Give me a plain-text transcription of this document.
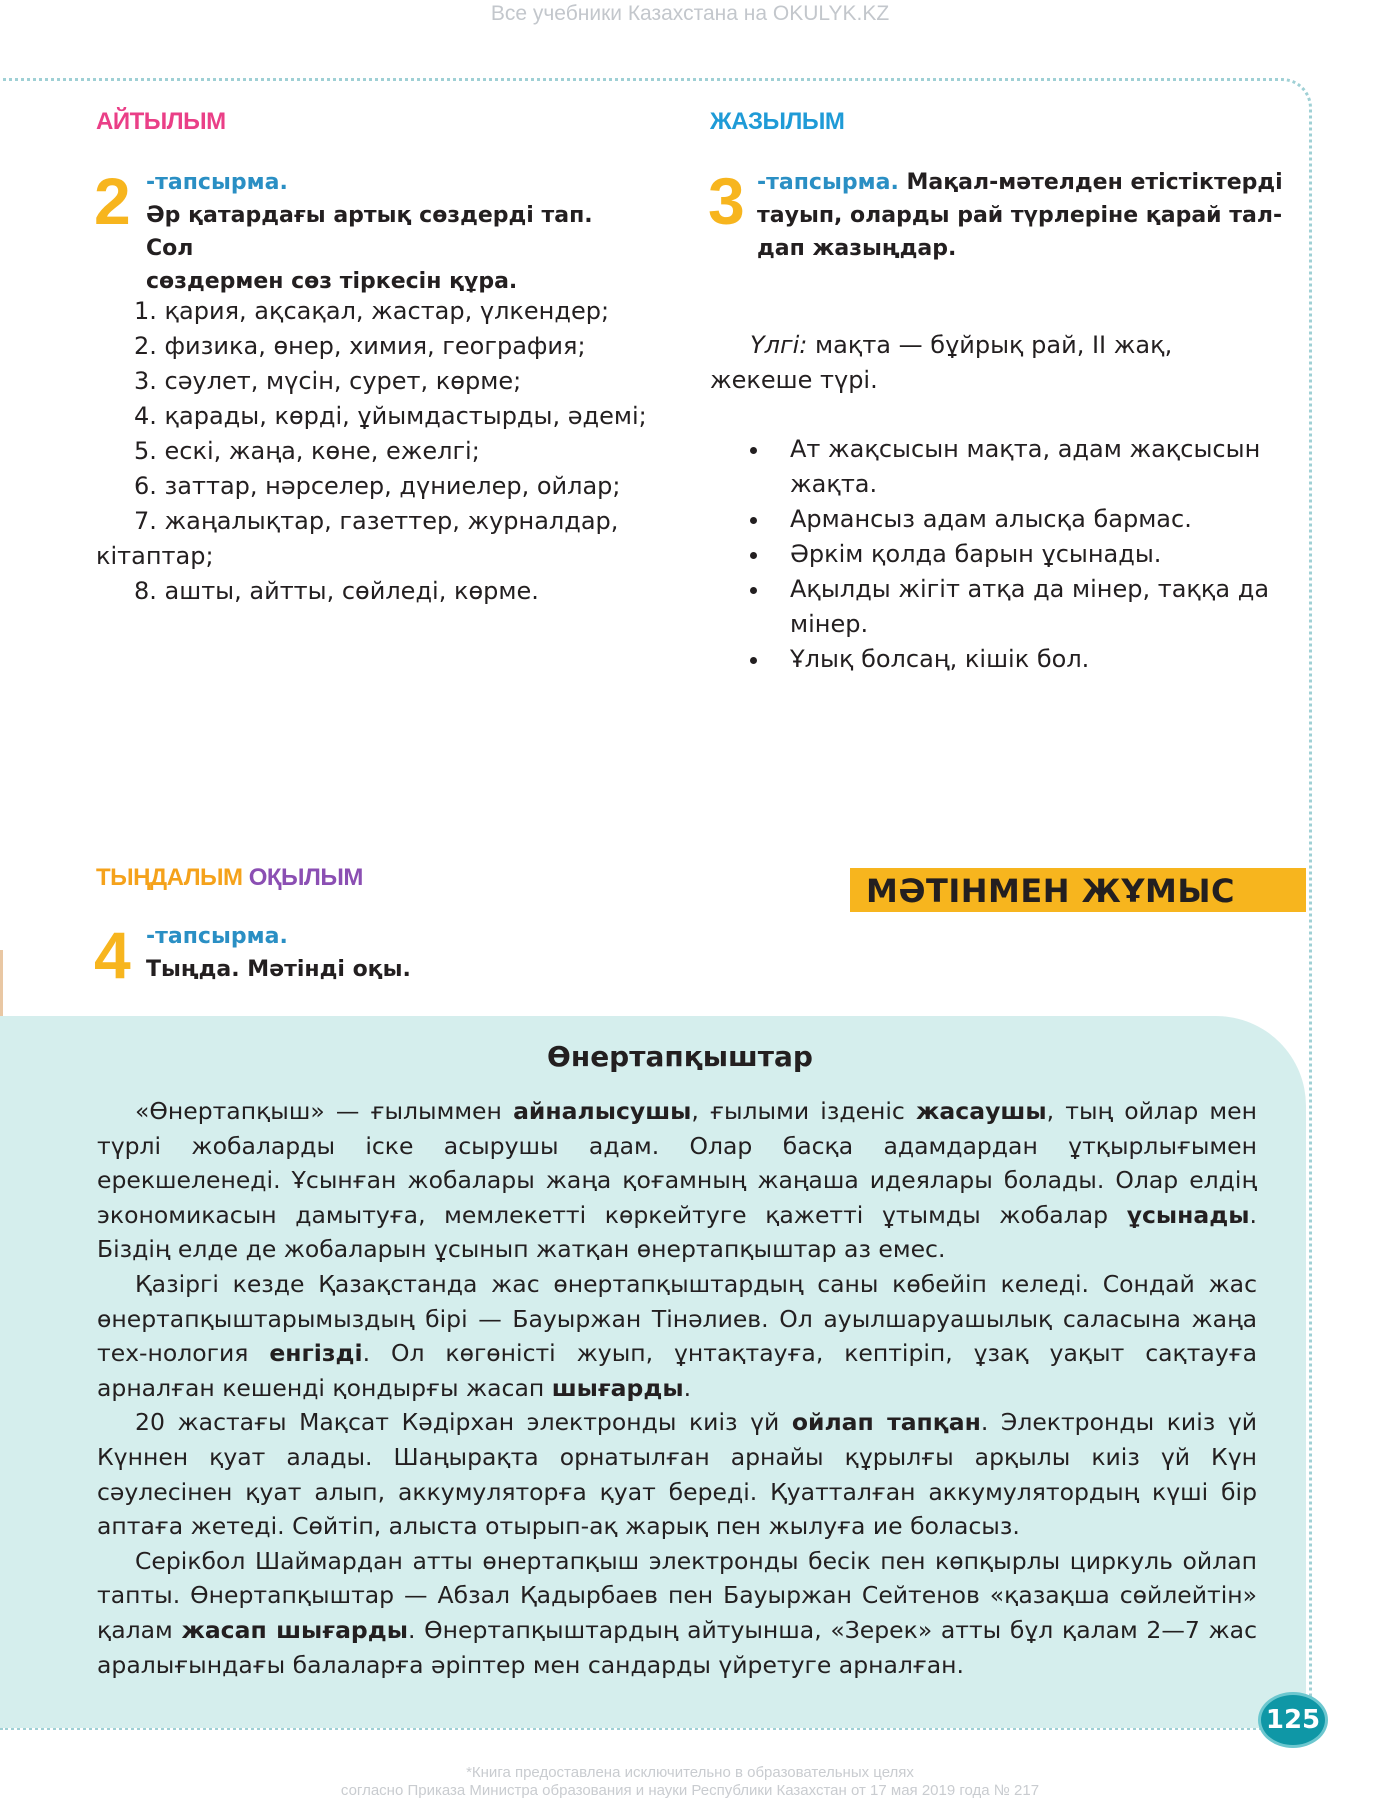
Все учебники Казахстана на OKULYK.KZ
АЙТЫЛЫМ
2 -тапсырма.
Әр қатардағы артық сөздерді тап. Сол
сөздермен сөз тіркесін құра.
1. қария, ақсақал, жастар, үлкендер;
2. физика, өнер, химия, география;
3. сәулет, мүсін, сурет, көрме;
4. қарады, көрді, ұйымдастырды, әдемі;
5. ескі, жаңа, көне, ежелгі;
6. заттар, нәрселер, дүниелер, ойлар;
7. жаңалықтар, газеттер, журналдар,
кітаптар;
8. ашты, айтты, сөйледі, көрме.
ЖАЗЫЛЫМ
3 -тапсырма. Мақал-мәтелден етістіктерді
тауып, оларды рай түрлеріне қарай тал-
дап жазыңдар.
Үлгі: мақта — бұйрық рай, ІІ жақ, жекеше түрі.
Ат жақсысын мақта, адам жақсысын жақта.
Армансыз адам алысқа бармас.
Әркім қолда барын ұсынады.
Ақылды жігіт атқа да мінер, таққа да мінер.
Ұлық болсаң, кішік бол.
ТЫҢДАЛЫМ ОҚЫЛЫМ
4 -тапсырма.
Тыңда. Мәтінді оқы.
МӘТІНМЕН ЖҰМЫС
Өнертапқыштар

«Өнертапқыш» — ғылыммен айналысушы, ғылыми ізденіс жасаушы, тың ойлар мен түрлі жобаларды іске асырушы адам. Олар басқа адамдардан ұтқырлығымен ерекшеленеді. Ұсынған жобалары жаңа қоғамның жаңаша идеялары болады. Олар елдің экономикасын дамытуға, мемлекетті көркейтуге қажетті ұтымды жобалар ұсынады. Біздің елде де жобаларын ұсынып жатқан өнертапқыштар аз емес.

Қазіргі кезде Қазақстанда жас өнертапқыштардың саны көбейіп келеді. Сондай жас өнертапқыштарымыздың бірі — Бауыржан Тінәлиев. Ол ауылшаруашылық саласына жаңа тех-нология енгізді. Ол көгөністі жуып, ұнтақтауға, кептіріп, ұзақ уақыт сақтауға арналған кешенді қондырғы жасап шығарды.

20 жастағы Мақсат Кәдірхан электронды киіз үй ойлап тапқан. Электронды киіз үй Күннен қуат алады. Шаңырақта орнатылған арнайы құрылғы арқылы киіз үй Күн сәулесінен қуат алып, аккумуляторға қуат береді. Қуатталған аккумулятордың күші бір аптаға жетеді. Сөйтіп, алыста отырып-ақ жарық пен жылуға ие боласыз.

Серікбол Шаймардан атты өнертапқыш электронды бесік пен көпқырлы циркуль ойлап тапты. Өнертапқыштар — Абзал Қадырбаев пен Бауыржан Сейтенов «қазақша сөйлейтін» қалам жасап шығарды. Өнертапқыштардың айтуынша, «Зерек» атты бұл қалам 2—7 жас аралығындағы балаларға әріптер мен сандарды үйретуге арналған.

125
*Книга предоставлена исключительно в образовательных целях
согласно Приказа Министра образования и науки Республики Казахстан от 17 мая 2019 года № 217
